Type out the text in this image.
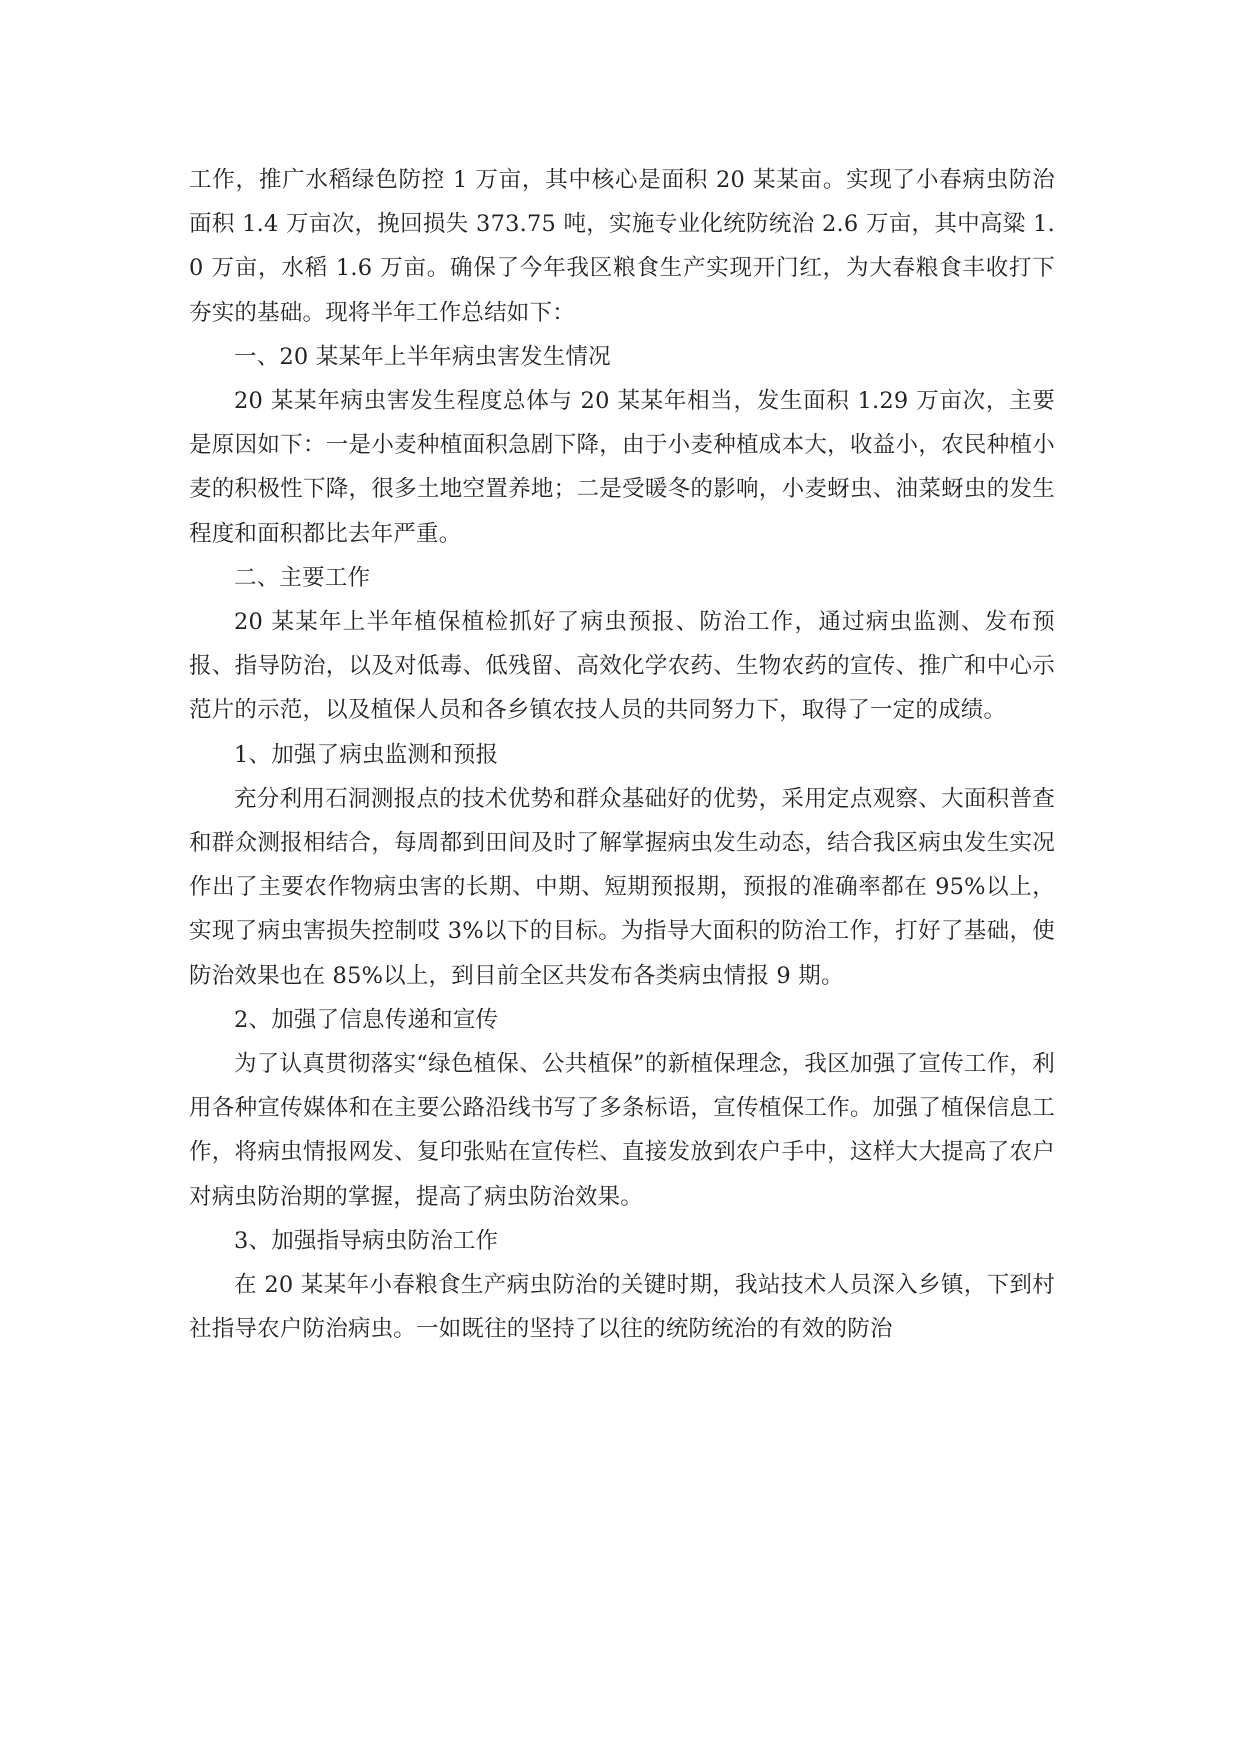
工作，推广水稻绿色防控 1 万亩，其中核心是面积 20 某某亩。实现了小春病虫防治面积 1.4 万亩次，挽回损失 373.75 吨，实施专业化统防统治 2.6 万亩，其中高粱 1.0 万亩，水稻 1.6 万亩。确保了今年我区粮食生产实现开门红，为大春粮食丰收打下夯实的基础。现将半年工作总结如下：

一、20 某某年上半年病虫害发生情况

20 某某年病虫害发生程度总体与 20 某某年相当，发生面积 1.29 万亩次，主要是原因如下：一是小麦种植面积急剧下降，由于小麦种植成本大，收益小，农民种植小麦的积极性下降，很多土地空置养地；二是受暖冬的影响，小麦蚜虫、油菜蚜虫的发生程度和面积都比去年严重。

二、主要工作

20 某某年上半年植保植检抓好了病虫预报、防治工作，通过病虫监测、发布预报、指导防治，以及对低毒、低残留、高效化学农药、生物农药的宣传、推广和中心示范片的示范，以及植保人员和各乡镇农技人员的共同努力下，取得了一定的成绩。

1、加强了病虫监测和预报

充分利用石洞测报点的技术优势和群众基础好的优势，采用定点观察、大面积普查和群众测报相结合，每周都到田间及时了解掌握病虫发生动态，结合我区病虫发生实况作出了主要农作物病虫害的长期、中期、短期预报期，预报的准确率都在 95%以上，实现了病虫害损失控制哎 3%以下的目标。为指导大面积的防治工作，打好了基础，使防治效果也在 85%以上，到目前全区共发布各类病虫情报 9 期。

2、加强了信息传递和宣传

为了认真贯彻落实“绿色植保、公共植保”的新植保理念，我区加强了宣传工作，利用各种宣传媒体和在主要公路沿线书写了多条标语，宣传植保工作。加强了植保信息工作，将病虫情报网发、复印张贴在宣传栏、直接发放到农户手中，这样大大提高了农户对病虫防治期的掌握，提高了病虫防治效果。

3、加强指导病虫防治工作

在 20 某某年小春粮食生产病虫防治的关键时期，我站技术人员深入乡镇，下到村社指导农户防治病虫。一如既往的坚持了以往的统防统治的有效的防治
